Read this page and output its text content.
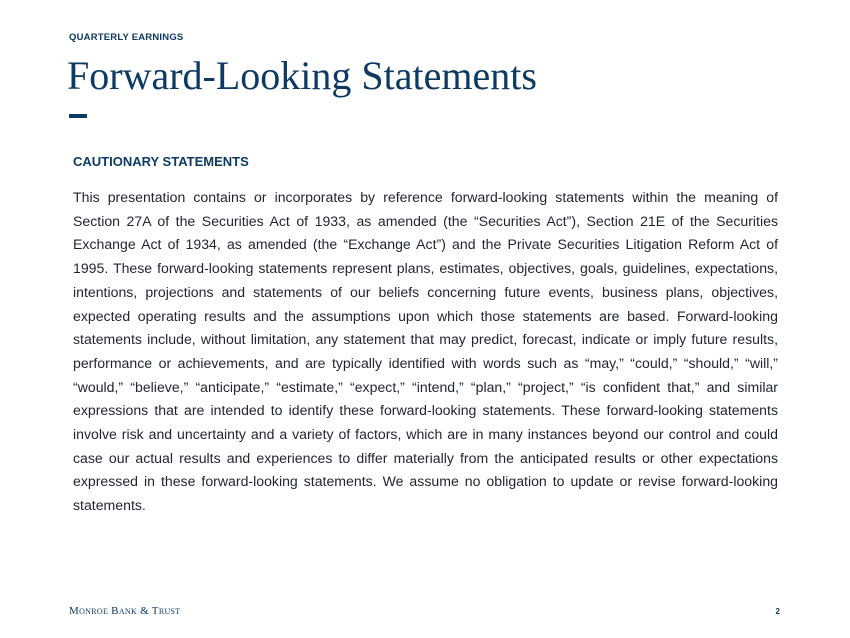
QUARTERLY EARNINGS
Forward-Looking Statements
CAUTIONARY STATEMENTS

This presentation contains or incorporates by reference forward-looking statements within the meaning of Section 27A of the Securities Act of 1933, as amended (the “Securities Act”), Section 21E of the Securities Exchange Act of 1934, as amended (the “Exchange Act”) and the Private Securities Litigation Reform Act of 1995. These forward-looking statements represent plans, estimates, objectives, goals, guidelines, expectations, intentions, projections and statements of our beliefs concerning future events, business plans, objectives, expected operating results and the assumptions upon which those statements are based. Forward-looking statements include, without limitation, any statement that may predict, forecast, indicate or imply future results, performance or achievements, and are typically identified with words such as “may,” “could,” “should,” “will,” “would,” “believe,” “anticipate,” “estimate,” “expect,” “intend,” “plan,” “project,” “is confident that,” and similar expressions that are intended to identify these forward-looking statements. These forward-looking statements involve risk and uncertainty and a variety of factors, which are in many instances beyond our control and could case our actual results and experiences to differ materially from the anticipated results or other expectations expressed in these forward-looking statements. We assume no obligation to update or revise forward-looking statements.

Monroe Bank & Trust	2
